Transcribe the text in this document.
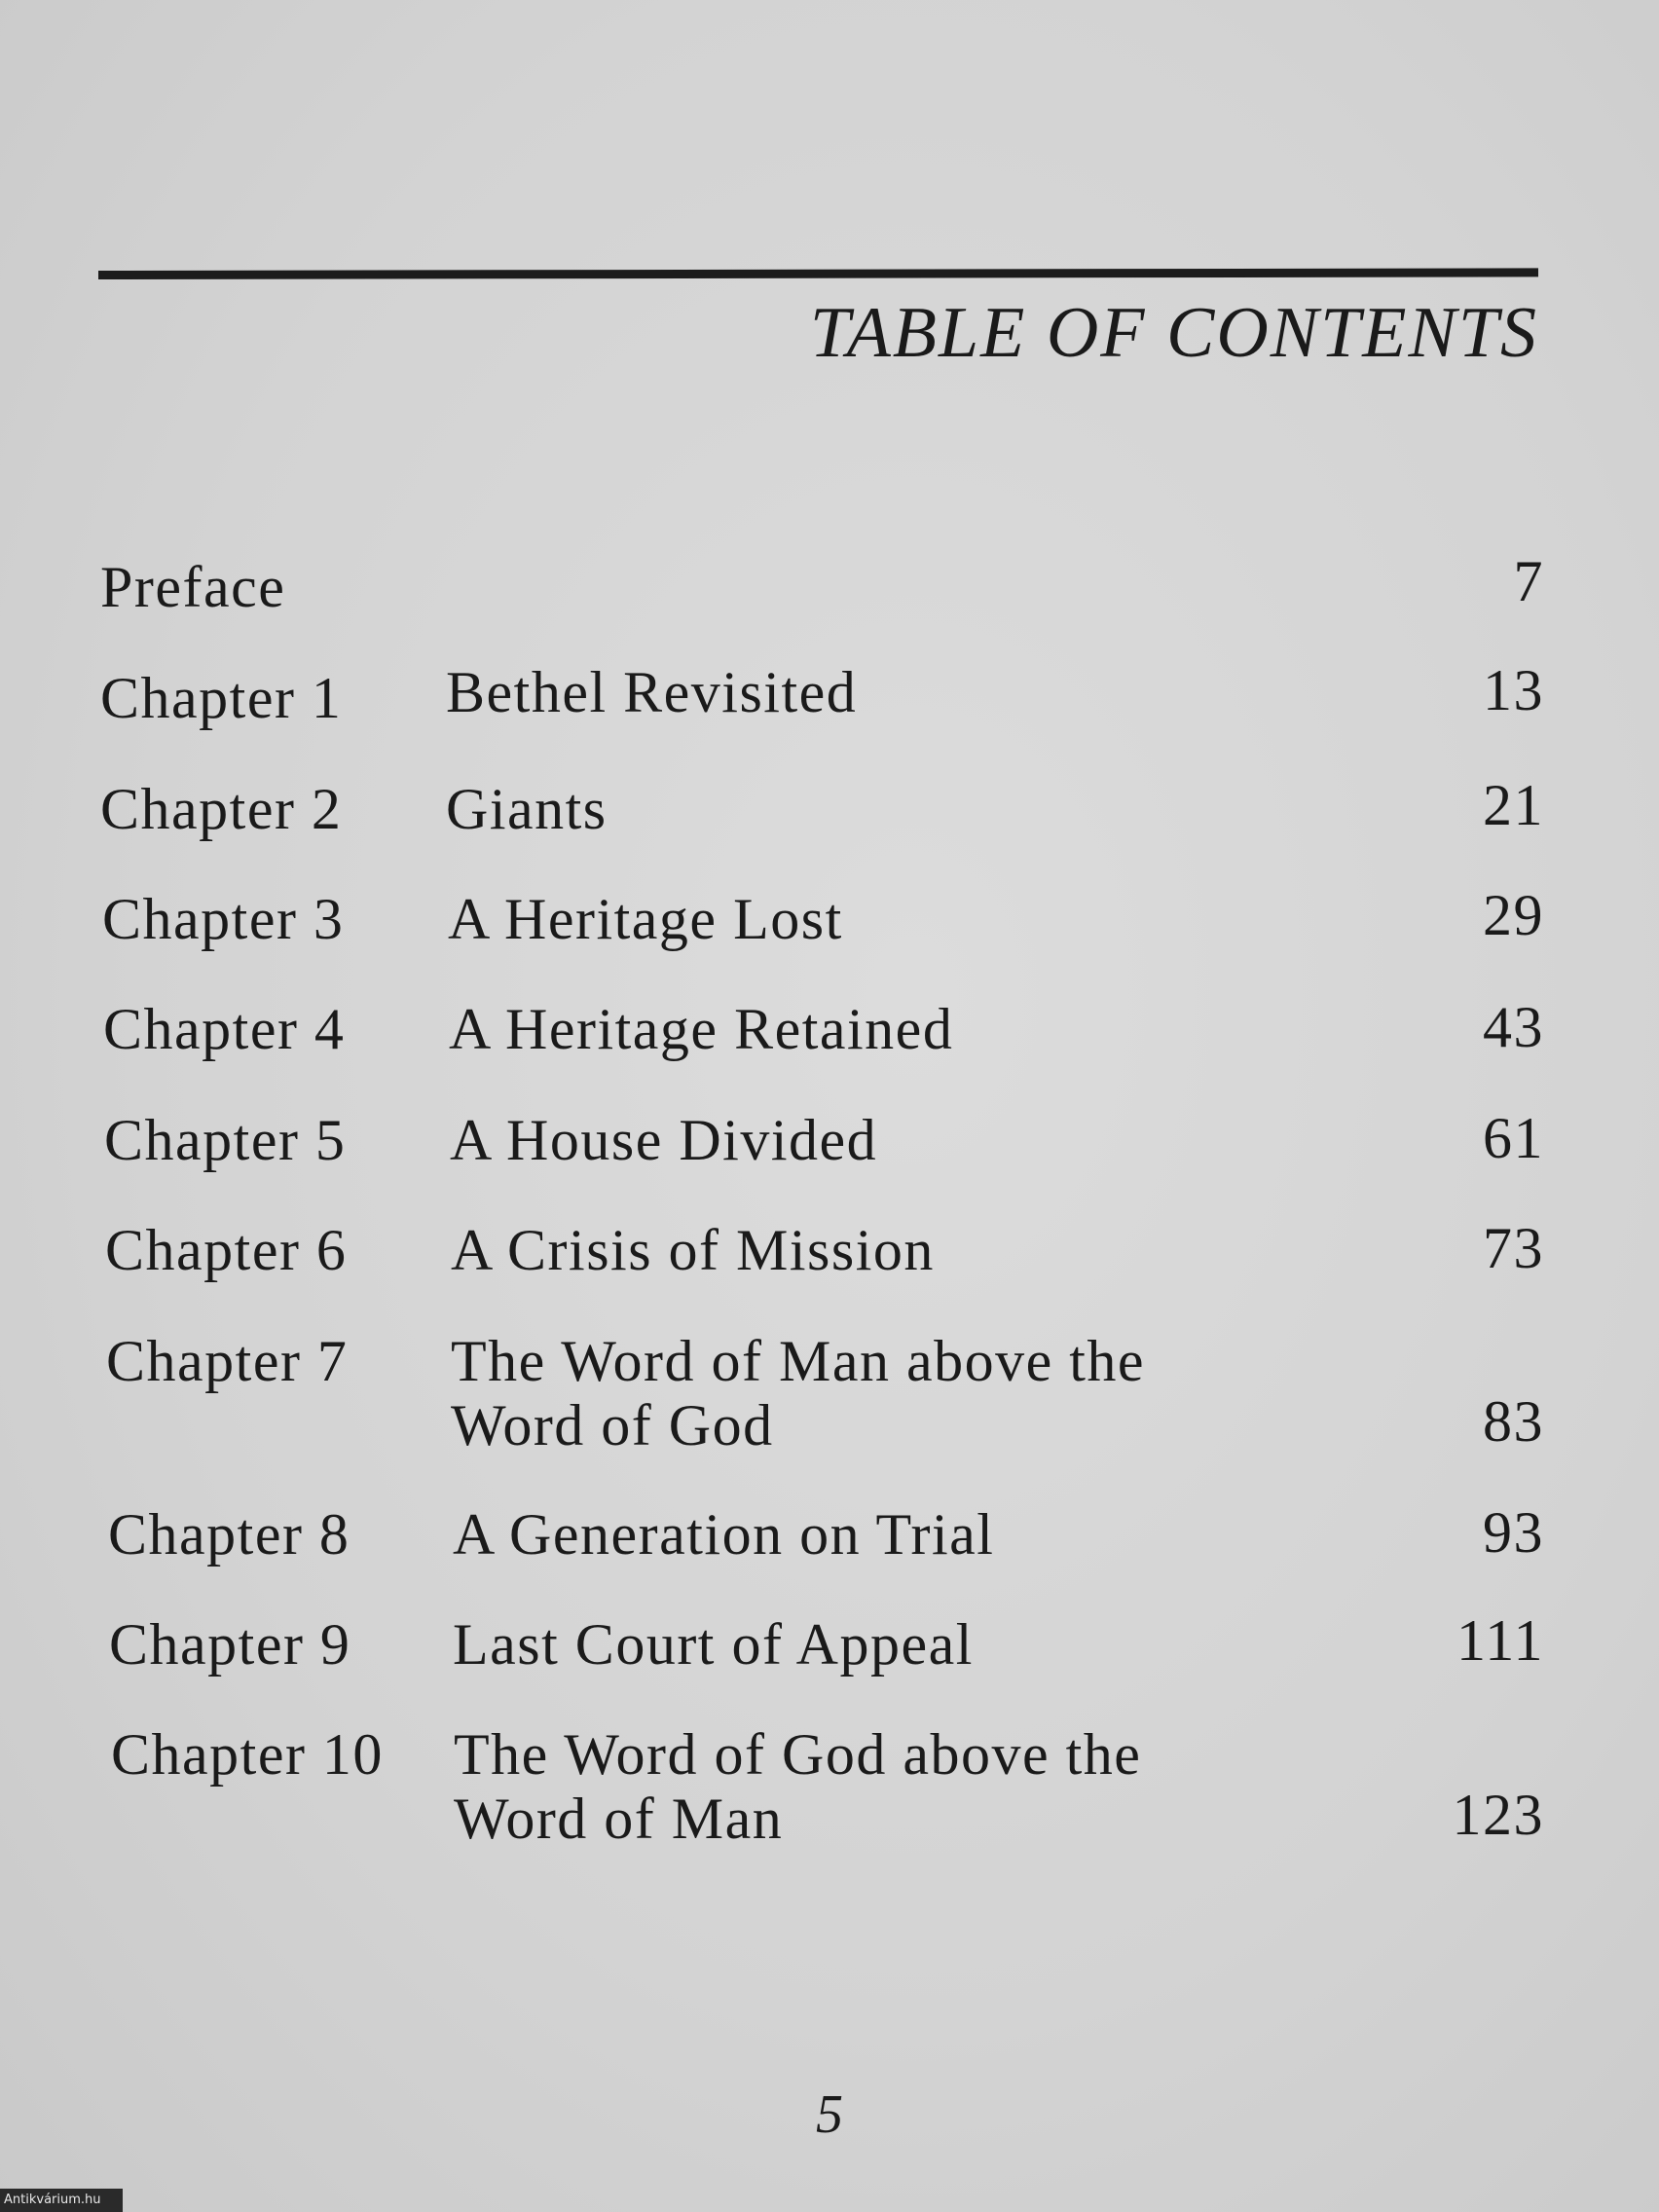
TABLE OF CONTENTS
Preface	7
Chapter 1 Bethel Revisited	13
Chapter 2 Giants	21
Chapter 3 A Heritage Lost	29
Chapter 4 A Heritage Retained	43
Chapter 5 A House Divided	61
Chapter 6 A Crisis of Mission	73
Chapter 7 The Word of Man above the
Word of God	83
Chapter 8 A Generation on Trial	93
Chapter 9 Last Court of Appeal	111
Chapter 10 The Word of God above the
Word of Man	123
5
Antikvárium.hu
